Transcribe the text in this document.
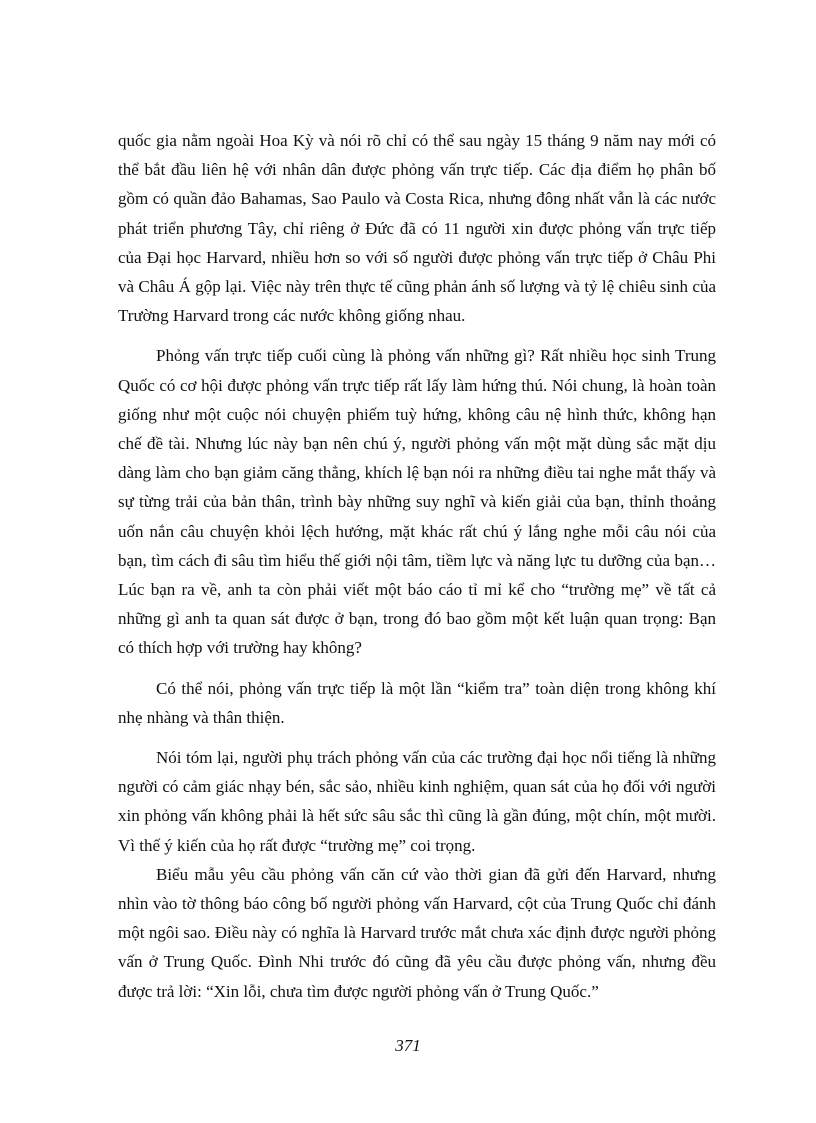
quốc gia nằm ngoài Hoa Kỳ và nói rõ chỉ có thể sau ngày 15 tháng 9 năm nay mới có thể bắt đầu liên hệ với nhân dân được phỏng vấn trực tiếp. Các địa điểm họ phân bố gồm có quần đảo Bahamas, Sao Paulo và Costa Rica, nhưng đông nhất vẫn là các nước phát triển phương Tây, chỉ riêng ở Đức đã có 11 người xin được phỏng vấn trực tiếp của Đại học Harvard, nhiều hơn so với số người được phỏng vấn trực tiếp ở Châu Phi và Châu Á gộp lại. Việc này trên thực tế cũng phản ánh số lượng và tỷ lệ chiêu sinh của Trường Harvard trong các nước không giống nhau.

Phỏng vấn trực tiếp cuối cùng là phỏng vấn những gì? Rất nhiều học sinh Trung Quốc có cơ hội được phỏng vấn trực tiếp rất lấy làm hứng thú. Nói chung, là hoàn toàn giống như một cuộc nói chuyện phiếm tuỳ hứng, không câu nệ hình thức, không hạn chế đề tài. Nhưng lúc này bạn nên chú ý, người phỏng vấn một mặt dùng sắc mặt dịu dàng làm cho bạn giảm căng thẳng, khích lệ bạn nói ra những điều tai nghe mắt thấy và sự từng trải của bản thân, trình bày những suy nghĩ và kiến giải của bạn, thỉnh thoảng uốn nắn câu chuyện khỏi lệch hướng, mặt khác rất chú ý lắng nghe mỗi câu nói của bạn, tìm cách đi sâu tìm hiểu thế giới nội tâm, tiềm lực và năng lực tu dưỡng của bạn… Lúc bạn ra về, anh ta còn phải viết một báo cáo tỉ mỉ kể cho “trường mẹ” về tất cả những gì anh ta quan sát được ở bạn, trong đó bao gồm một kết luận quan trọng: Bạn có thích hợp với trường hay không?

Có thể nói, phỏng vấn trực tiếp là một lần “kiểm tra” toàn diện trong không khí nhẹ nhàng và thân thiện.

Nói tóm lại, người phụ trách phỏng vấn của các trường đại học nổi tiếng là những người có cảm giác nhạy bén, sắc sảo, nhiều kinh nghiệm, quan sát của họ đối với người xin phỏng vấn không phải là hết sức sâu sắc thì cũng là gần đúng, một chín, một mười. Vì thế ý kiến của họ rất được “trường mẹ” coi trọng.

Biểu mẫu yêu cầu phỏng vấn căn cứ vào thời gian đã gửi đến Harvard, nhưng nhìn vào tờ thông báo công bố người phỏng vấn Harvard, cột của Trung Quốc chỉ đánh một ngôi sao. Điều này có nghĩa là Harvard trước mắt chưa xác định được người phỏng vấn ở Trung Quốc. Đình Nhi trước đó cũng đã yêu cầu được phỏng vấn, nhưng đều được trả lời: “Xin lỗi, chưa tìm được người phỏng vấn ở Trung Quốc.”

371
